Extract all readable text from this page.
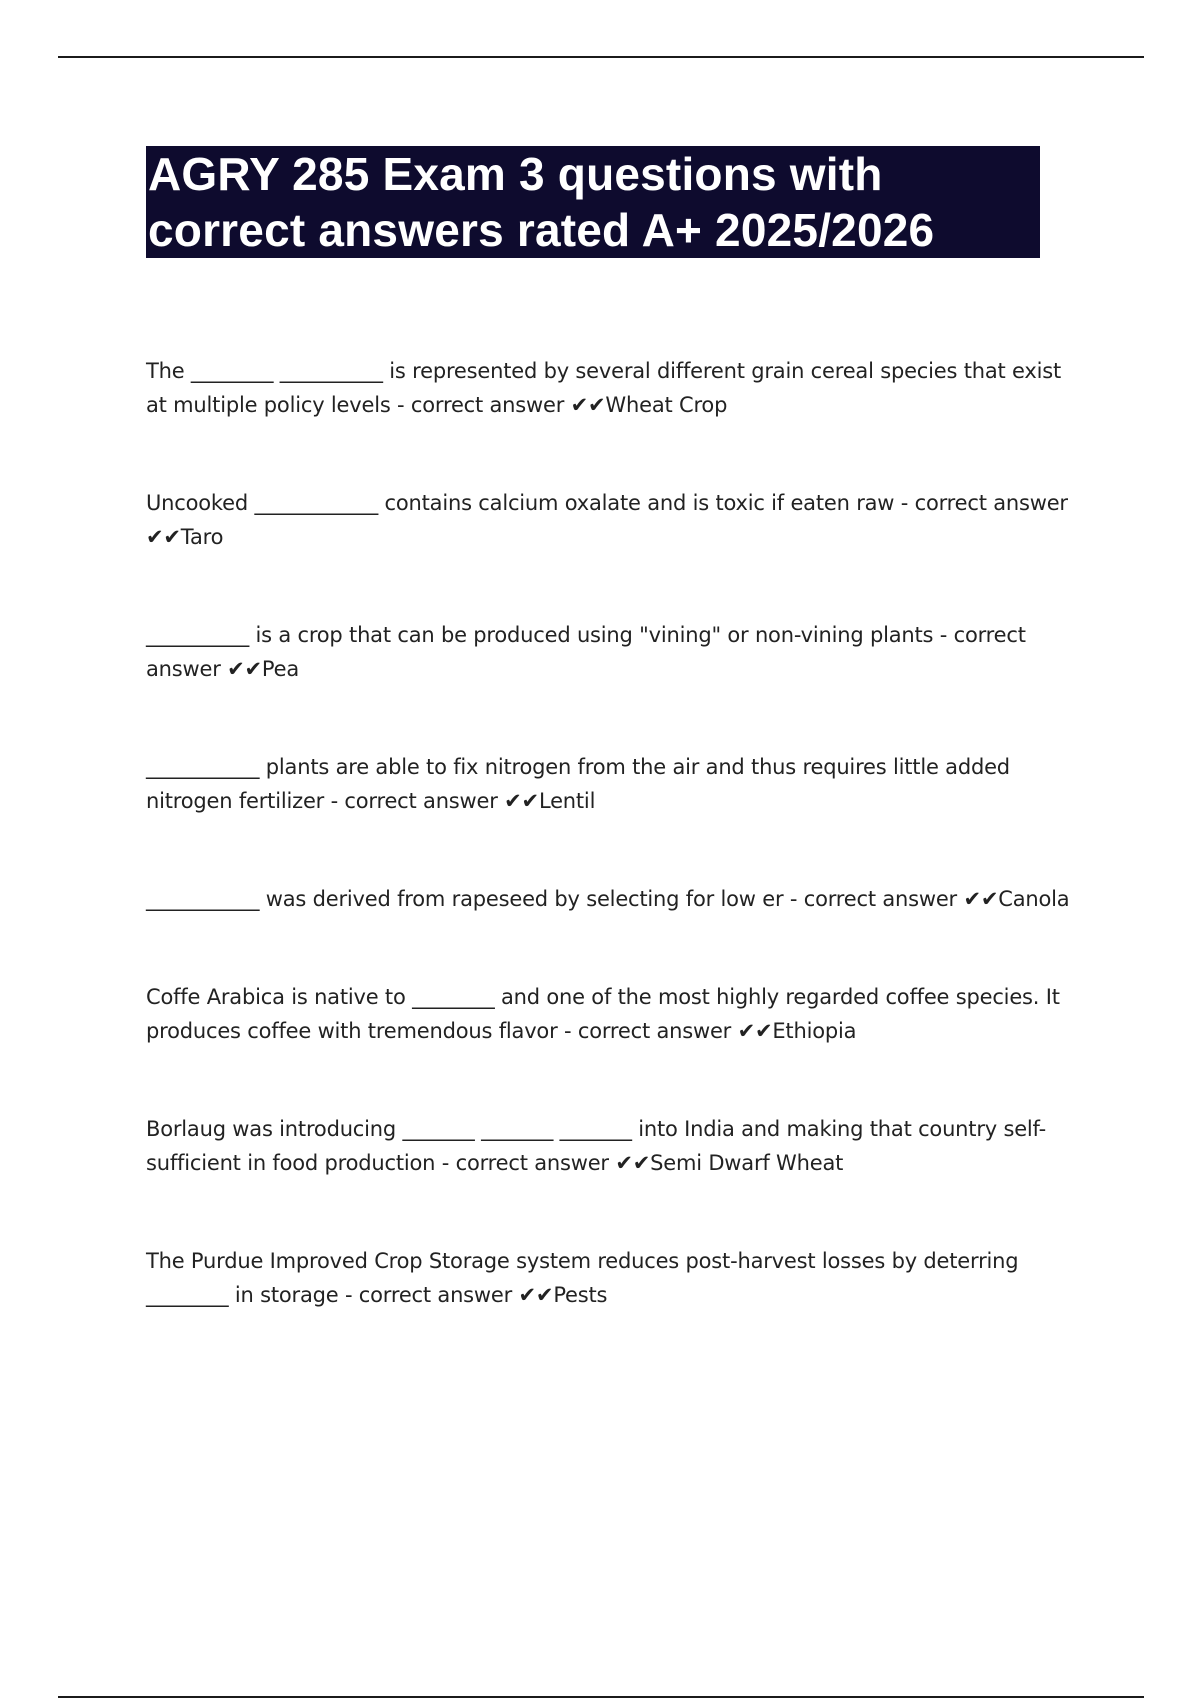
AGRY 285 Exam 3 questions with
correct answers rated A+ 2025/2026

The ________ __________ is represented by several different grain cereal species that exist at multiple policy levels - correct answer ✔✔Wheat Crop

Uncooked ____________ contains calcium oxalate and is toxic if eaten raw - correct answer ✔✔Taro

__________ is a crop that can be produced using "vining" or non-vining plants - correct answer ✔✔Pea

___________ plants are able to fix nitrogen from the air and thus requires little added nitrogen fertilizer - correct answer ✔✔Lentil

___________ was derived from rapeseed by selecting for low er - correct answer ✔✔Canola

Coffe Arabica is native to ________ and one of the most highly regarded coffee species. It produces coffee with tremendous flavor - correct answer ✔✔Ethiopia

Borlaug was introducing _______ _______ _______ into India and making that country self-sufficient in food production - correct answer ✔✔Semi Dwarf Wheat

The Purdue Improved Crop Storage system reduces post-harvest losses by deterring ________ in storage - correct answer ✔✔Pests
